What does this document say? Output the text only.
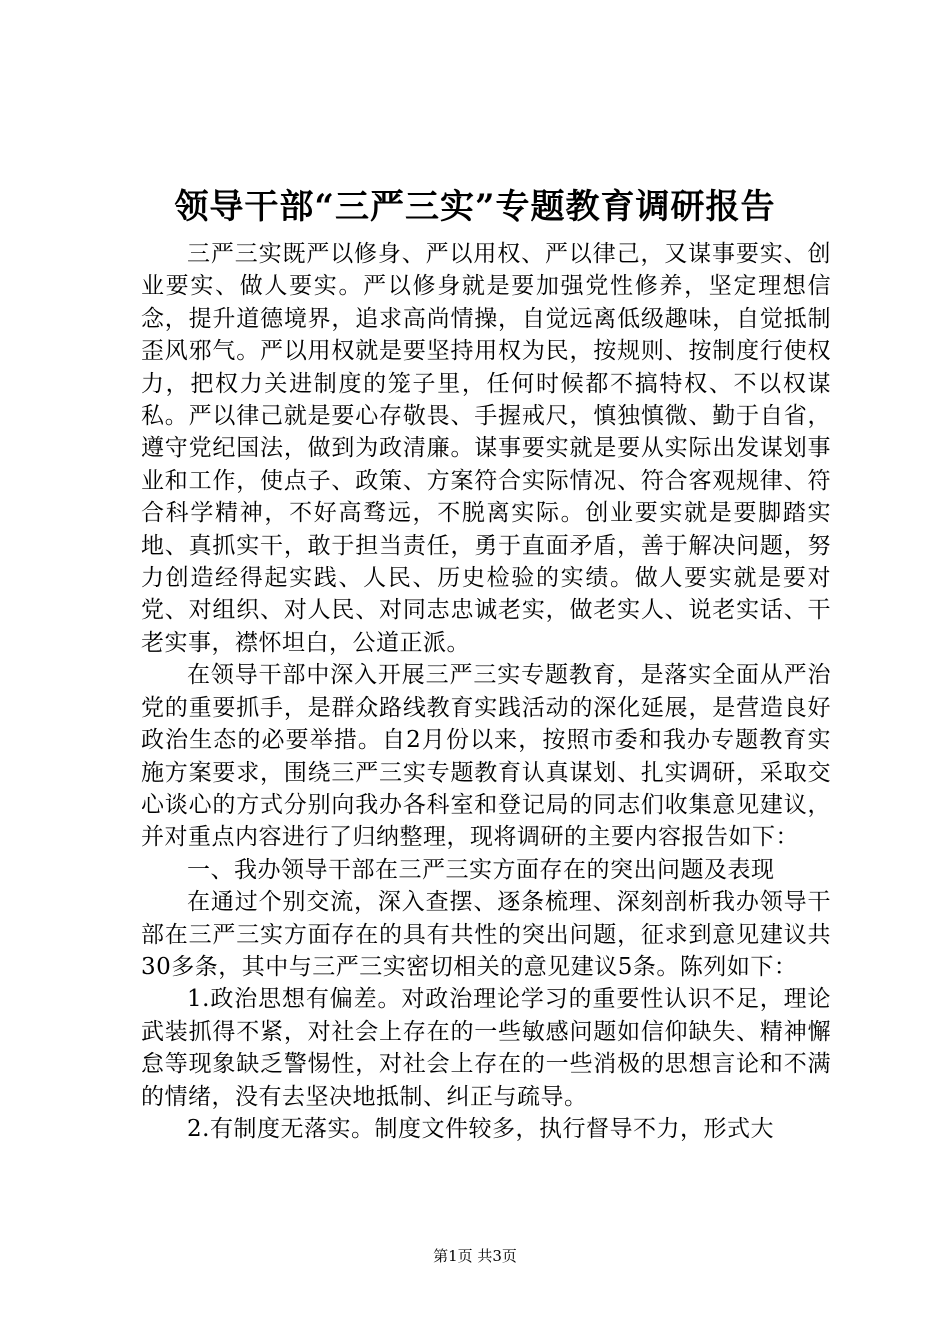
领导干部“三严三实”专题教育调研报告

三严三实既严以修身、严以用权、严以律己，又谋事要实、创业要实、做人要实。严以修身就是要加强党性修养，坚定理想信念，提升道德境界，追求高尚情操，自觉远离低级趣味，自觉抵制歪风邪气。严以用权就是要坚持用权为民，按规则、按制度行使权力，把权力关进制度的笼子里，任何时候都不搞特权、不以权谋私。严以律己就是要心存敬畏、手握戒尺，慎独慎微、勤于自省，遵守党纪国法，做到为政清廉。谋事要实就是要从实际出发谋划事业和工作，使点子、政策、方案符合实际情况、符合客观规律、符合科学精神，不好高骛远，不脱离实际。创业要实就是要脚踏实地、真抓实干，敢于担当责任，勇于直面矛盾，善于解决问题，努力创造经得起实践、人民、历史检验的实绩。做人要实就是要对党、对组织、对人民、对同志忠诚老实，做老实人、说老实话、干老实事，襟怀坦白，公道正派。

在领导干部中深入开展三严三实专题教育，是落实全面从严治党的重要抓手，是群众路线教育实践活动的深化延展，是营造良好政治生态的必要举措。自2月份以来，按照市委和我办专题教育实施方案要求，围绕三严三实专题教育认真谋划、扎实调研，采取交心谈心的方式分别向我办各科室和登记局的同志们收集意见建议，并对重点内容进行了归纳整理，现将调研的主要内容报告如下：

一、我办领导干部在三严三实方面存在的突出问题及表现

在通过个别交流，深入查摆、逐条梳理、深刻剖析我办领导干部在三严三实方面存在的具有共性的突出问题，征求到意见建议共30多条，其中与三严三实密切相关的意见建议5条。陈列如下：

1.政治思想有偏差。对政治理论学习的重要性认识不足，理论武装抓得不紧，对社会上存在的一些敏感问题如信仰缺失、精神懈怠等现象缺乏警惕性，对社会上存在的一些消极的思想言论和不满的情绪，没有去坚决地抵制、纠正与疏导。

2.有制度无落实。制度文件较多，执行督导不力，形式大

第1页 共3页
